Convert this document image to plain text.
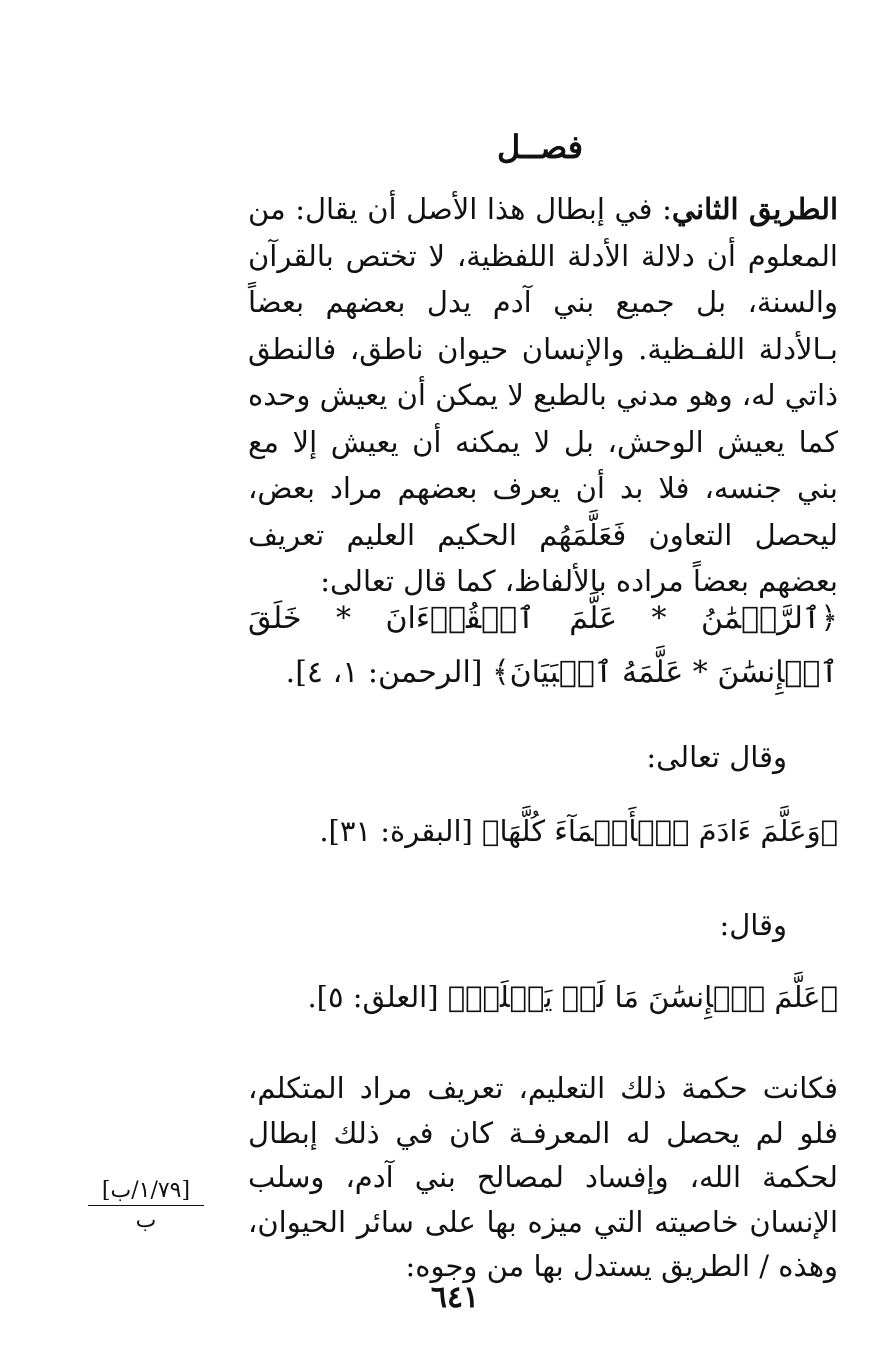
فصــل
الطريق الثاني: في إبطال هذا الأصل أن يقال: من المعلوم أن دلالة الأدلة اللفظية، لا تختص بالقرآن والسنة، بل جميع بني آدم يدل بعضهم بعضاً بـالأدلة اللفـظية. والإنسان حيوان ناطق، فالنطق ذاتي له، وهو مدني بالطبع لا يمكن أن يعيش وحده كما يعيش الوحش، بل لا يمكنه أن يعيش إلا مع بني جنسه، فلا بد أن يعرف بعضهم مراد بعض، ليحصل التعاون فَعَلَّمَهُم الحكيم العليم تعريف بعضهم بعضاً مراده بالألفاظ، كما قال تعالى:
﴿ٱلرَّحۡمَٰنُ * عَلَّمَ ٱلۡقُرۡءَانَ * خَلَقَ ٱلۡإِنسَٰنَ * عَلَّمَهُ ٱلۡبَيَانَ﴾ [الرحمن: ١، ٤].
وقال تعالى:
﴿وَعَلَّمَ ءَادَمَ ٱلۡأَسۡمَآءَ كُلَّهَا﴾ [البقرة: ٣١].
وقال:
﴿عَلَّمَ ٱلۡإِنسَٰنَ مَا لَمۡ يَعۡلَمۡ﴾ [العلق: ٥].
فكانت حكمة ذلك التعليم، تعريف مراد المتكلم، فلو لم يحصل له المعرفـة كان في ذلك إبطال لحكمة الله، وإفساد لمصالح بني آدم، وسلب الإنسان خاصيته التي ميزه بها على سائر الحيوان، وهذه / الطريق يستدل بها من وجوه:
[١/٧٩/ب]
ب
٦٤١
